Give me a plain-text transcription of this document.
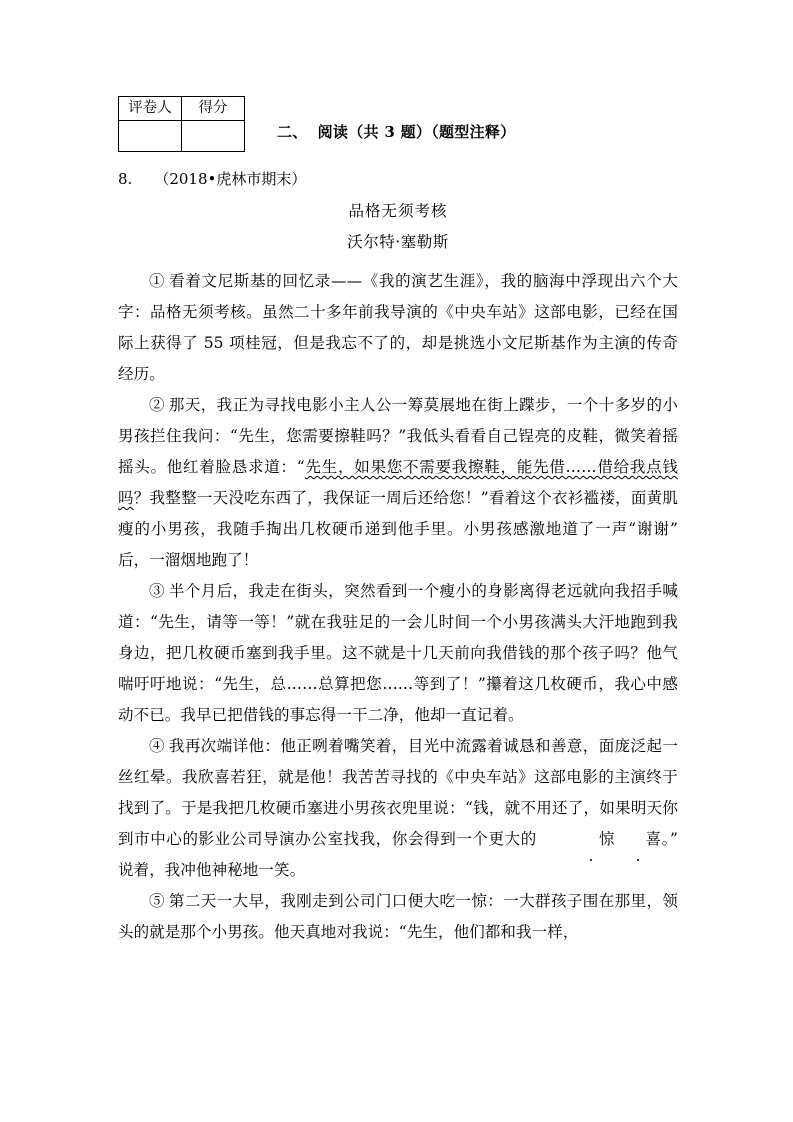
评卷人	得分

二、 阅读（共 3 题）（题型注释）
8. （2018•虎林市期末）
品格无须考核
沃尔特·塞勒斯

① 看着文尼斯基的回忆录——《我的演艺生涯》，我的脑海中浮现出六个大字：品格无须考核。虽然二十多年前我导演的《中央车站》这部电影，已经在国际上获得了 55 项桂冠，但是我忘不了的，却是挑选小文尼斯基作为主演的传奇经历。

② 那天，我正为寻找电影小主人公一筹莫展地在街上蹀步，一个十多岁的小男孩拦住我问：“先生，您需要擦鞋吗？”我低头看看自己锃亮的皮鞋，微笑着摇摇头。他红着脸恳求道：“先生，如果您不需要我擦鞋，能先借……借给我点钱吗？我整整一天没吃东西了，我保证一周后还给您！”看着这个衣衫褴褛，面黄肌瘦的小男孩，我随手掏出几枚硬币递到他手里。小男孩感激地道了一声“谢谢”后，一溜烟地跑了！

③ 半个月后，我走在街头，突然看到一个瘦小的身影离得老远就向我招手喊道：“先生，请等一等！”就在我驻足的一会儿时间一个小男孩满头大汗地跑到我身边，把几枚硬币塞到我手里。这不就是十几天前向我借钱的那个孩子吗？他气喘吁吁地说：“先生，总……总算把您……等到了！”攥着这几枚硬币，我心中感动不已。我早已把借钱的事忘得一干二净，他却一直记着。

④ 我再次端详他：他正咧着嘴笑着，目光中流露着诚恳和善意，面庞泛起一丝红晕。我欣喜若狂，就是他！我苦苦寻找的《中央车站》这部电影的主演终于找到了。于是我把几枚硬币塞进小男孩衣兜里说：“钱，就不用还了，如果明天你到市中心的影业公司导演办公室找我，你会得到一个更大的	惊 喜。”说着，我冲他神秘地一笑。

⑤ 第二天一大早，我刚走到公司门口便大吃一惊：一大群孩子围在那里，领头的就是那个小男孩。他天真地对我说：“先生，他们都和我一样，
